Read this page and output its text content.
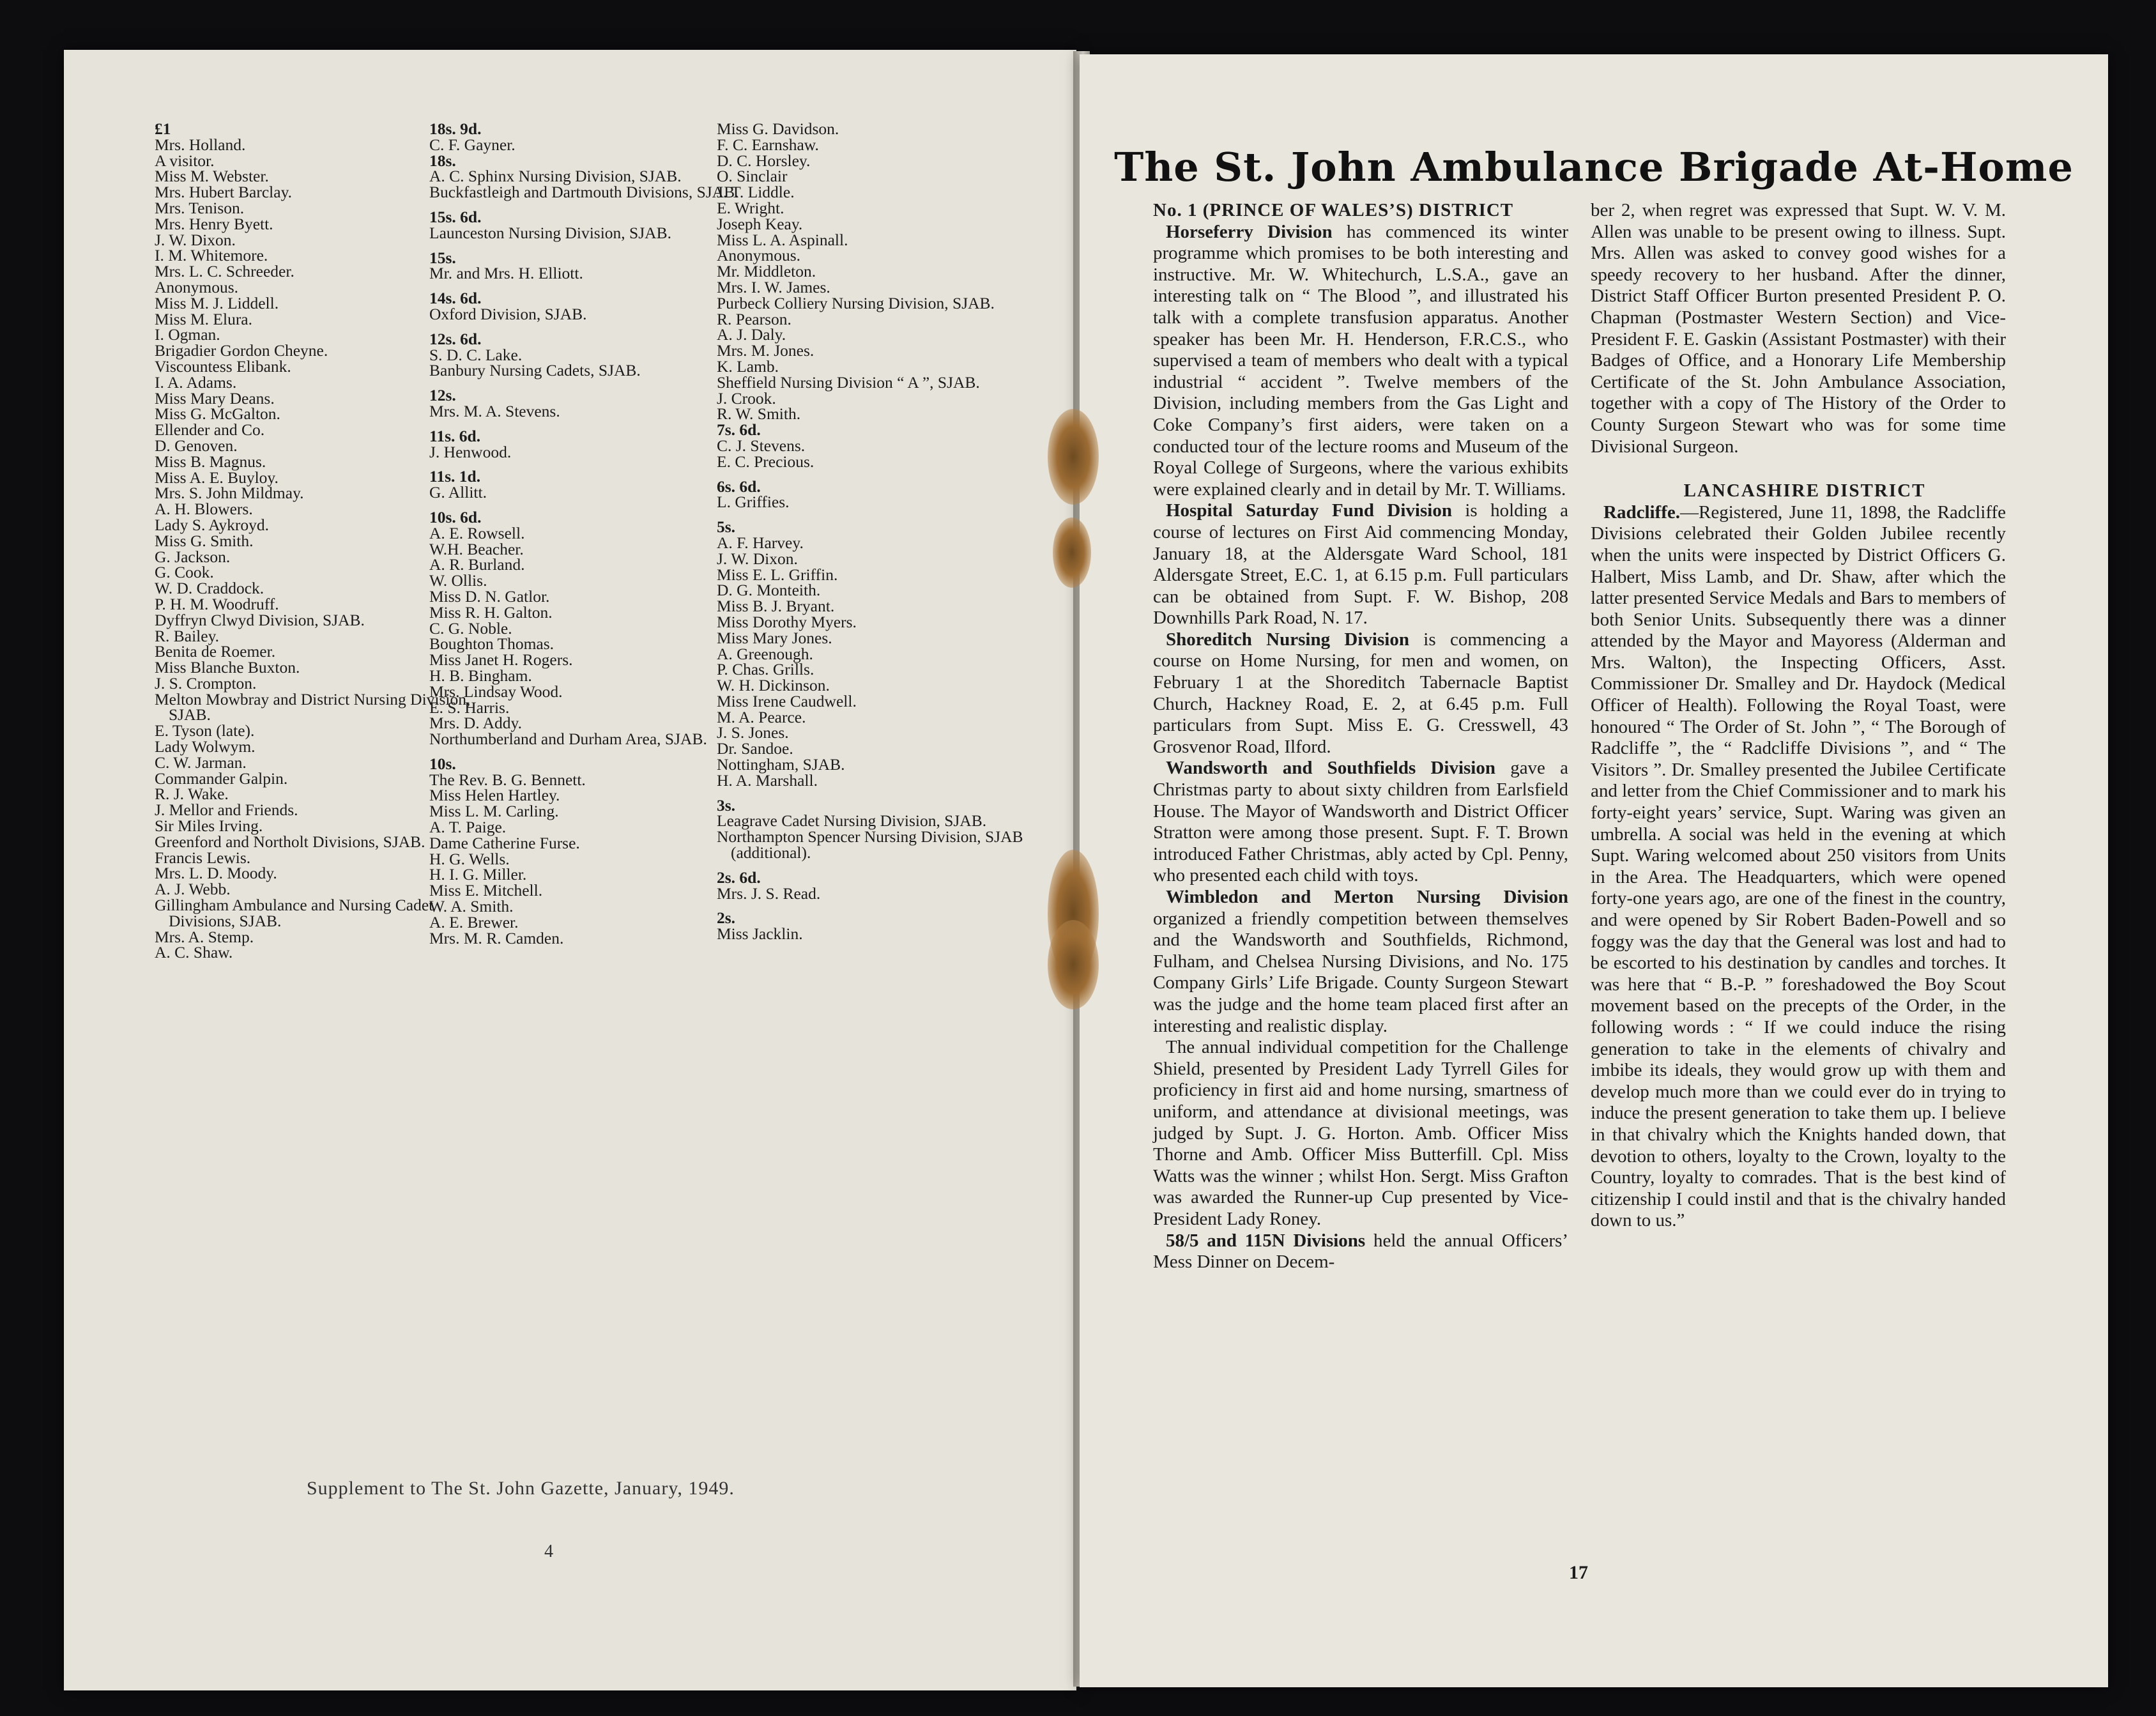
£1

Mrs. Holland.

A visitor.

Miss M. Webster.

Mrs. Hubert Barclay.

Mrs. Tenison.

Mrs. Henry Byett.

J. W. Dixon.

I. M. Whitemore.

Mrs. L. C. Schreeder.

Anonymous.

Miss M. J. Liddell.

Miss M. Elura.

I. Ogman.

Brigadier Gordon Cheyne.

Viscountess Elibank.

I. A. Adams.

Miss Mary Deans.

Miss G. McGalton.

Ellender and Co.

D. Genoven.

Miss B. Magnus.

Miss A. E. Buyloy.

Mrs. S. John Mildmay.

A. H. Blowers.

Lady S. Aykroyd.

Miss G. Smith.

G. Jackson.

G. Cook.

W. D. Craddock.

P. H. M. Woodruff.

Dyffryn Clwyd Division, SJAB.

R. Bailey.

Benita de Roemer.

Miss Blanche Buxton.

J. S. Crompton.

Melton Mowbray and District Nursing Division, SJAB.

E. Tyson (late).

Lady Wolwym.

C. W. Jarman.

Commander Galpin.

R. J. Wake.

J. Mellor and Friends.

Sir Miles Irving.

Greenford and Northolt Divisions, SJAB.

Francis Lewis.

Mrs. L. D. Moody.

A. J. Webb.

Gillingham Ambulance and Nursing Cadet Divisions, SJAB.

Mrs. A. Stemp.

A. C. Shaw.

18s. 9d.

C. F. Gayner.

18s.

A. C. Sphinx Nursing Division, SJAB.

Buckfastleigh and Dartmouth Divisions, SJAB.

15s. 6d.

Launceston Nursing Division, SJAB.

15s.

Mr. and Mrs. H. Elliott.

14s. 6d.

Oxford Division, SJAB.

12s. 6d.

S. D. C. Lake.

Banbury Nursing Cadets, SJAB.

12s.

Mrs. M. A. Stevens.

11s. 6d.

J. Henwood.

11s. 1d.

G. Allitt.

10s. 6d.

A. E. Rowsell.

W.H. Beacher.

A. R. Burland.

W. Ollis.

Miss D. N. Gatlor.

Miss R. H. Galton.

C. G. Noble.

Boughton Thomas.

Miss Janet H. Rogers.

H. B. Bingham.

Mrs. Lindsay Wood.

E. S. Harris.

Mrs. D. Addy.

Northumberland and Durham Area, SJAB.

10s.

The Rev. B. G. Bennett.

Miss Helen Hartley.

Miss L. M. Carling.

A. T. Paige.

Dame Catherine Furse.

H. G. Wells.

H. I. G. Miller.

Miss E. Mitchell.

W. A. Smith.

A. E. Brewer.

Mrs. M. R. Camden.

Miss G. Davidson.

F. C. Earnshaw.

D. C. Horsley.

O. Sinclair

J. T. Liddle.

E. Wright.

Joseph Keay.

Miss L. A. Aspinall.

Anonymous.

Mr. Middleton.

Mrs. I. W. James.

Purbeck Colliery Nursing Division, SJAB.

R. Pearson.

A. J. Daly.

Mrs. M. Jones.

K. Lamb.

Sheffield Nursing Division “ A ”, SJAB.

J. Crook.

R. W. Smith.

7s. 6d.

C. J. Stevens.

E. C. Precious.

6s. 6d.

L. Griffies.

5s.

A. F. Harvey.

J. W. Dixon.

Miss E. L. Griffin.

D. G. Monteith.

Miss B. J. Bryant.

Miss Dorothy Myers.

Miss Mary Jones.

A. Greenough.

P. Chas. Grills.

W. H. Dickinson.

Miss Irene Caudwell.

M. A. Pearce.

J. S. Jones.

Dr. Sandoe.

Nottingham, SJAB.

H. A. Marshall.

3s.

Leagrave Cadet Nursing Division, SJAB.

Northampton Spencer Nursing Division, SJAB (additional).

2s. 6d.

Mrs. J. S. Read.

2s.

Miss Jacklin.

Supplement to The St. John Gazette, January, 1949.
4
The St. John Ambulance Brigade At-Home

No. 1 (PRINCE OF WALES’S) DISTRICT

Horseferry Division has commenced its winter programme which promises to be both interesting and instructive. Mr. W. Whitechurch, L.S.A., gave an interesting talk on “ The Blood ”, and illustrated his talk with a complete transfusion apparatus. Another speaker has been Mr. H. Henderson, F.R.C.S., who supervised a team of members who dealt with a typical industrial “ accident ”. Twelve members of the Division, including members from the Gas Light and Coke Company’s first aiders, were taken on a conducted tour of the lecture rooms and Museum of the Royal College of Surgeons, where the various exhibits were explained clearly and in detail by Mr. T. Williams.

Hospital Saturday Fund Division is holding a course of lectures on First Aid commencing Monday, January 18, at the Aldersgate Ward School, 181 Aldersgate Street, E.C. 1, at 6.15 p.m. Full particulars can be obtained from Supt. F. W. Bishop, 208 Downhills Park Road, N. 17.

Shoreditch Nursing Division is commencing a course on Home Nursing, for men and women, on February 1 at the Shoreditch Tabernacle Baptist Church, Hackney Road, E. 2, at 6.45 p.m. Full particulars from Supt. Miss E. G. Cresswell, 43 Grosvenor Road, Ilford.

Wandsworth and Southfields Division gave a Christmas party to about sixty children from Earlsfield House. The Mayor of Wandsworth and District Officer Stratton were among those present. Supt. F. T. Brown introduced Father Christmas, ably acted by Cpl. Penny, who presented each child with toys.

Wimbledon and Merton Nursing Division organized a friendly competition between themselves and the Wandsworth and Southfields, Richmond, Fulham, and Chelsea Nursing Divisions, and No. 175 Company Girls’ Life Brigade. County Surgeon Stewart was the judge and the home team placed first after an interesting and realistic display.

The annual individual competition for the Challenge Shield, presented by President Lady Tyrrell Giles for proficiency in first aid and home nursing, smartness of uniform, and attendance at divisional meetings, was judged by Supt. J. G. Horton. Amb. Officer Miss Thorne and Amb. Officer Miss Butterfill. Cpl. Miss Watts was the winner ; whilst Hon. Sergt. Miss Grafton was awarded the Runner-up Cup presented by Vice-President Lady Roney.

58/5 and 115N Divisions held the annual Officers’ Mess Dinner on Decem-

ber 2, when regret was expressed that Supt. W. V. M. Allen was unable to be present owing to illness. Supt. Mrs. Allen was asked to convey good wishes for a speedy recovery to her husband. After the dinner, District Staff Officer Burton presented President P. O. Chapman (Postmaster Western Section) and Vice-President F. E. Gaskin (Assistant Postmaster) with their Badges of Office, and a Honorary Life Membership Certificate of the St. John Ambulance Association, together with a copy of The History of the Order to County Surgeon Stewart who was for some time Divisional Surgeon.

LANCASHIRE DISTRICT

Radcliffe.—Registered, June 11, 1898, the Radcliffe Divisions celebrated their Golden Jubilee recently when the units were inspected by District Officers G. Halbert, Miss Lamb, and Dr. Shaw, after which the latter presented Service Medals and Bars to members of both Senior Units. Subsequently there was a dinner attended by the Mayor and Mayoress (Alderman and Mrs. Walton), the Inspecting Officers, Asst. Commissioner Dr. Smalley and Dr. Haydock (Medical Officer of Health). Following the Royal Toast, were honoured “ The Order of St. John ”, “ The Borough of Radcliffe ”, the “ Radcliffe Divisions ”, and “ The Visitors ”. Dr. Smalley presented the Jubilee Certificate and letter from the Chief Commissioner and to mark his forty-eight years’ service, Supt. Waring was given an umbrella. A social was held in the evening at which Supt. Waring welcomed about 250 visitors from Units in the Area. The Headquarters, which were opened forty-one years ago, are one of the finest in the country, and were opened by Sir Robert Baden-Powell and so foggy was the day that the General was lost and had to be escorted to his destination by candles and torches. It was here that “ B.-P. ” foreshadowed the Boy Scout movement based on the precepts of the Order, in the following words : “ If we could induce the rising generation to take in the elements of chivalry and imbibe its ideals, they would grow up with them and develop much more than we could ever do in trying to induce the present generation to take them up. I believe in that chivalry which the Knights handed down, that devotion to others, loyalty to the Crown, loyalty to the Country, loyalty to comrades. That is the best kind of citizenship I could instil and that is the chivalry handed down to us.”

17
